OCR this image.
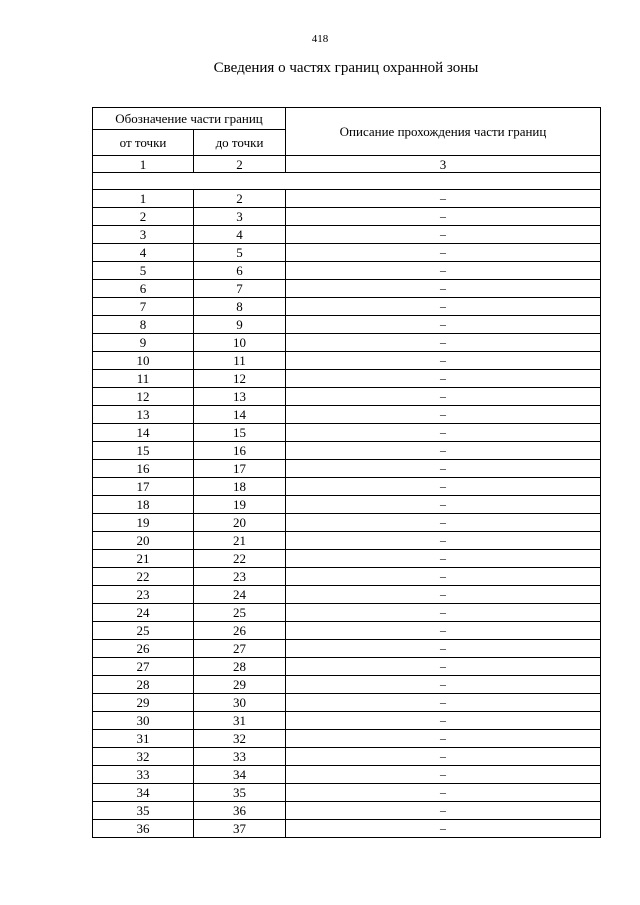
418
Сведения о частях границ охранной зоны
Обозначение части границ		Описание прохождения части границ
от точки	до точки	
1	2	3

1	2	–
2	3	–
3	4	–
4	5	–
5	6	–
6	7	–
7	8	–
8	9	–
9	10	–
10	11	–
11	12	–
12	13	–
13	14	–
14	15	–
15	16	–
16	17	–
17	18	–
18	19	–
19	20	–
20	21	–
21	22	–
22	23	–
23	24	–
24	25	–
25	26	–
26	27	–
27	28	–
28	29	–
29	30	–
30	31	–
31	32	–
32	33	–
33	34	–
34	35	–
35	36	–
36	37	–
